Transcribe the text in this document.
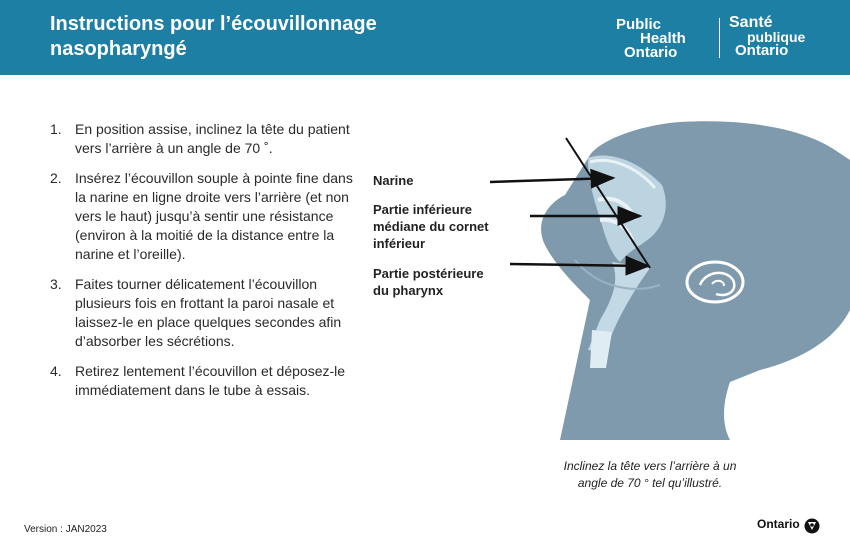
Instructions pour l’écouvillonnage nasopharyngé
Public
Health
Ontario
Santé
publique
Ontario
1. En position assise, inclinez la tête du patient vers l’arrière à un angle de 70 ˚.
2. Insérez l’écouvillon souple à pointe fine dans la narine en ligne droite vers l’arrière (et non vers le haut) jusqu’à sentir une résistance (environ à la moitié de la distance entre la narine et l’oreille).
3. Faites tourner délicatement l’écouvillon plusieurs fois en frottant la paroi nasale et laissez-le en place quelques secondes afin d’absorber les sécrétions.
4. Retirez lentement l’écouvillon et déposez-le immédiatement dans le tube à essais.
Narine
Partie inférieure
médiane du cornet
inférieur
Partie postérieure
du pharynx
Inclinez la tête vers l’arrière à un
angle de 70 ° tel qu’illustré.
Version : JAN2023	Ontario
